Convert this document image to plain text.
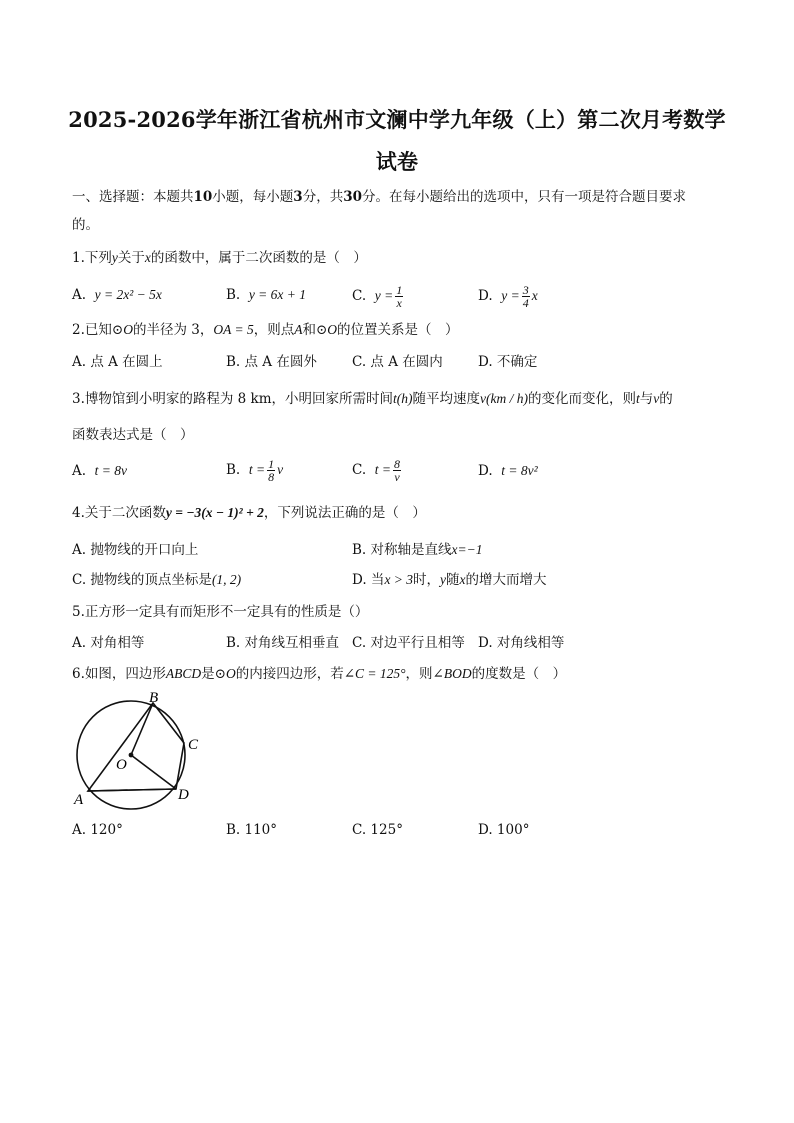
2025-2026学年浙江省杭州市文澜中学九年级（上）第二次月考数学
试卷
一、选择题：本题共10小题，每小题3分，共30分。在每小题给出的选项中，只有一项是符合题目要求
的。
1.下列y关于x的函数中，属于二次函数的是（　）
A. y = 2x² − 5x	B. y = 6x + 1	C. $y = \frac{1}{x}$	D. $y = \frac{3}{4}$ x
2.已知⊙O的半径为 3，OA = 5，则点A和⊙O的位置关系是（　）
A. 点 A 在圆上	B. 点 A 在圆外	C. 点 A 在圆内	D. 不确定
3.博物馆到小明家的路程为 8 km，小明回家所需时间t(h)随平均速度v(km / h)的变化而变化，则t与v的
函数表达式是（　）
A. t = 8v	B. $t = \frac{1}{8}$ v	C. $t = \frac{8}{v}$	D. t = 8v²
4.关于二次函数y = −3(x − 1)² + 2，下列说法正确的是（　）
A. 抛物线的开口向上	B. 对称轴是直线x=−1
C. 抛物线的顶点坐标是(1, 2)	D. 当x > 3时，y随x的增大而增大
5.正方形一定具有而矩形不一定具有的性质是（）
A. 对角相等	B. 对角线互相垂直 C. 对边平行且相等 D. 对角线相等
6.如图，四边形ABCD是⊙O的内接四边形，若∠C = 125°，则∠BOD的度数是（　）
B
C
O
A	D
A. 120°	B. 110°	C. 125°	D. 100°
